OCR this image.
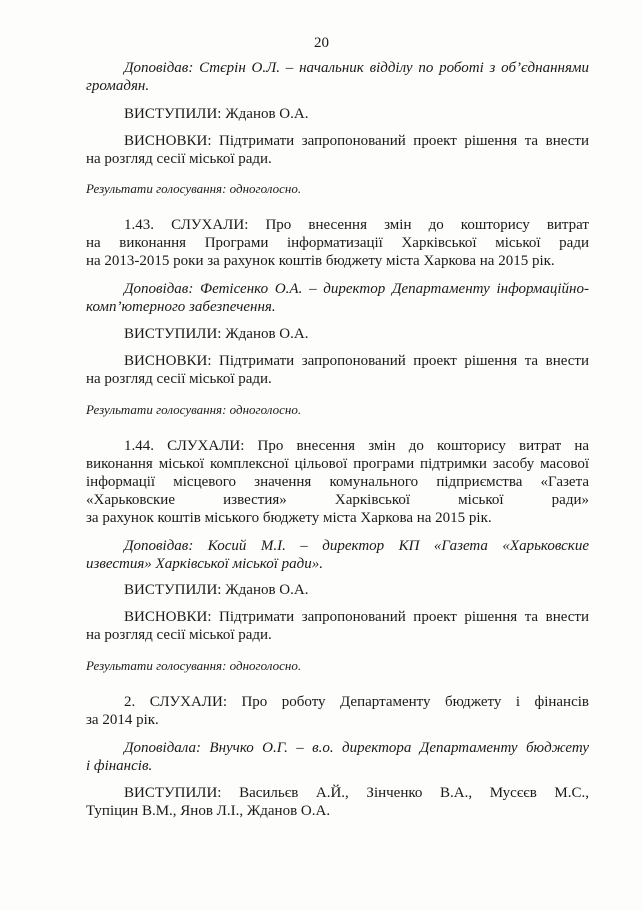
20
Доповідав: Стєрін О.Л. – начальник відділу по роботі з об’єднаннями
громадян.
ВИСТУПИЛИ: Жданов О.А.
ВИСНОВКИ: Підтримати запропонований проект рішення та внести
на розгляд сесії міської ради.
Результати голосування: одноголосно.
1.43. СЛУХАЛИ: Про внесення змін до кошторису витрат
на виконання Програми інформатизації Харківської міської ради
на 2013-2015 роки за рахунок коштів бюджету міста Харкова на 2015 рік.
Доповідав: Фетісенко О.А. – директор Департаменту інформаційно-
комп’ютерного забезпечення.
ВИСТУПИЛИ: Жданов О.А.
ВИСНОВКИ: Підтримати запропонований проект рішення та внести
на розгляд сесії міської ради.
Результати голосування: одноголосно.
1.44. СЛУХАЛИ: Про внесення змін до кошторису витрат на
виконання міської комплексної цільової програми підтримки засобу масової
інформації місцевого значення комунального підприємства «Газета
«Харьковские известия» Харківської міської ради»
за рахунок коштів міського бюджету міста Харкова на 2015 рік.
Доповідав: Косий М.І. – директор КП «Газета «Харьковские
известия» Харківської міської ради».
ВИСТУПИЛИ: Жданов О.А.
ВИСНОВКИ: Підтримати запропонований проект рішення та внести
на розгляд сесії міської ради.
Результати голосування: одноголосно.
2. СЛУХАЛИ: Про роботу Департаменту бюджету і фінансів
за 2014 рік.
Доповідала: Внучко О.Г. – в.о. директора Департаменту бюджету
і фінансів.
ВИСТУПИЛИ: Васильєв А.Й., Зінченко В.А., Мусєєв М.С.,
Тупіцин В.М., Янов Л.І., Жданов О.А.
